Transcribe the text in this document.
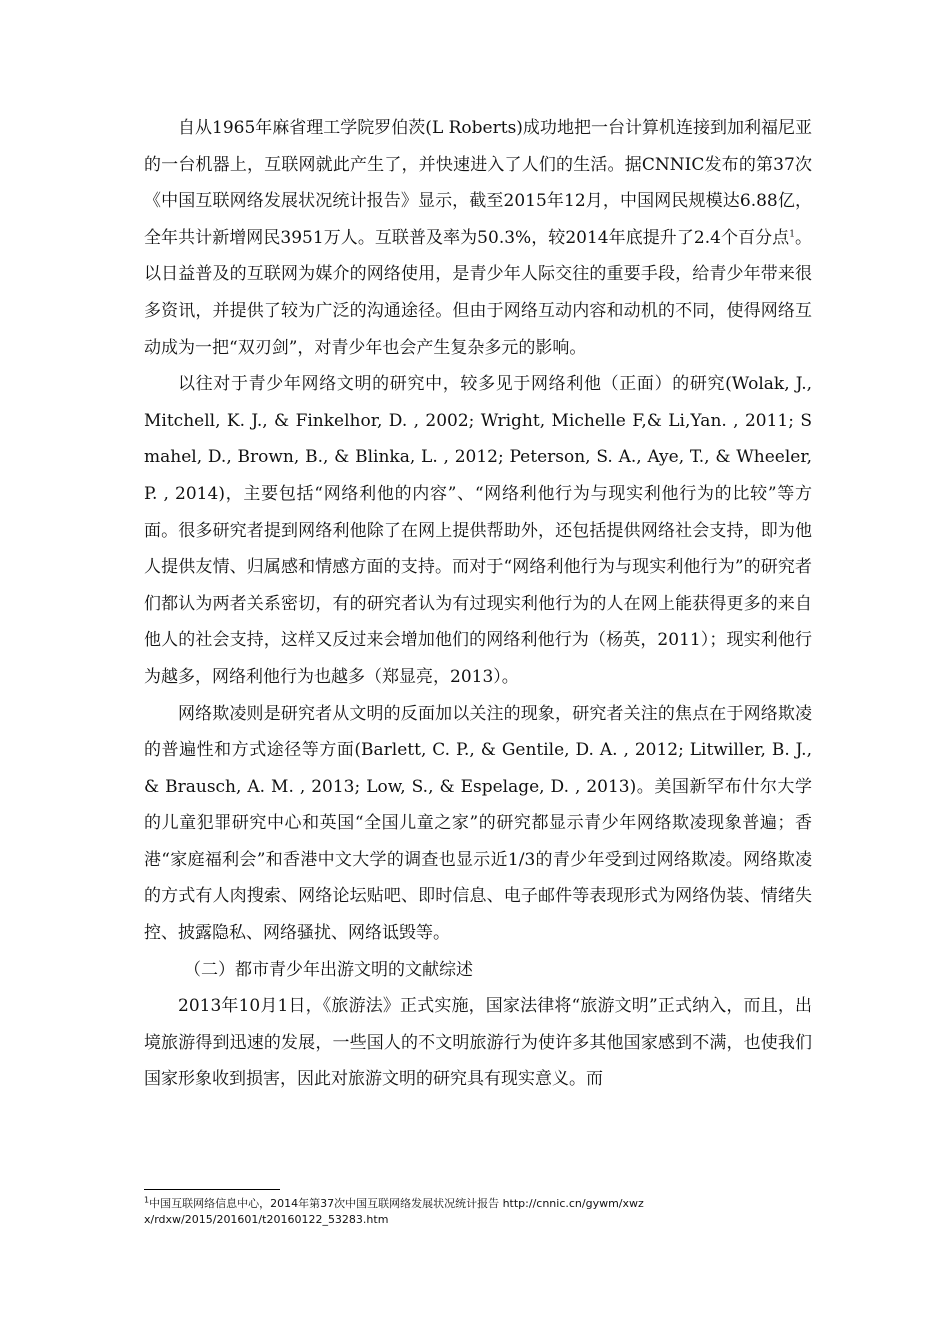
自从1965年麻省理工学院罗伯茨(L Roberts)成功地把一台计算机连接到加利福尼亚的一台机器上，互联网就此产生了，并快速进入了人们的生活。据CNNIC发布的第37次《中国互联网络发展状况统计报告》显示，截至2015年12月，中国网民规模达6.88亿，全年共计新增网民3951万人。互联普及率为50.3%，较2014年底提升了2.4个百分点$^1$。以日益普及的互联网为媒介的网络使用，是青少年人际交往的重要手段，给青少年带来很多资讯，并提供了较为广泛的沟通途径。但由于网络互动内容和动机的不同，使得网络互动成为一把“双刃剑”，对青少年也会产生复杂多元的影响。

以往对于青少年网络文明的研究中，较多见于网络利他（正面）的研究(Wolak, J., Mitchell, K. J., & Finkelhor, D. , 2002; Wright, Michelle F,& Li,Yan. , 2011; Smahel, D., Brown, B., & Blinka, L. , 2012; Peterson, S. A., Aye, T., & Wheeler, P. , 2014)，主要包括“网络利他的内容”、“网络利他行为与现实利他行为的比较”等方面。很多研究者提到网络利他除了在网上提供帮助外，还包括提供网络社会支持，即为他人提供友情、归属感和情感方面的支持。而对于“网络利他行为与现实利他行为”的研究者们都认为两者关系密切，有的研究者认为有过现实利他行为的人在网上能获得更多的来自他人的社会支持，这样又反过来会增加他们的网络利他行为（杨英，2011）；现实利他行为越多，网络利他行为也越多（郑显亮，2013）。

网络欺凌则是研究者从文明的反面加以关注的现象，研究者关注的焦点在于网络欺凌的普遍性和方式途径等方面(Barlett, C. P., & Gentile, D. A. , 2012; Litwiller, B. J., & Brausch, A. M. , 2013; Low, S., & Espelage, D. , 2013)。美国新罕布什尔大学的儿童犯罪研究中心和英国“全国儿童之家”的研究都显示青少年网络欺凌现象普遍；香港“家庭福利会”和香港中文大学的调查也显示近1/3的青少年受到过网络欺凌。网络欺凌的方式有人肉搜索、网络论坛贴吧、即时信息、电子邮件等表现形式为网络伪装、情绪失控、披露隐私、网络骚扰、网络诋毁等。

（二）都市青少年出游文明的文献综述

2013年10月1日，《旅游法》正式实施，国家法律将“旅游文明”正式纳入，而且，出境旅游得到迅速的发展，一些国人的不文明旅游行为使许多其他国家感到不满，也使我们国家形象收到损害，因此对旅游文明的研究具有现实意义。而

$^1$中国互联网络信息中心，2014年第37次中国互联网络发展状况统计报告 http://cnnic.cn/gywm/xwzx/rdxw/2015/201601/t20160122_53283.htm
